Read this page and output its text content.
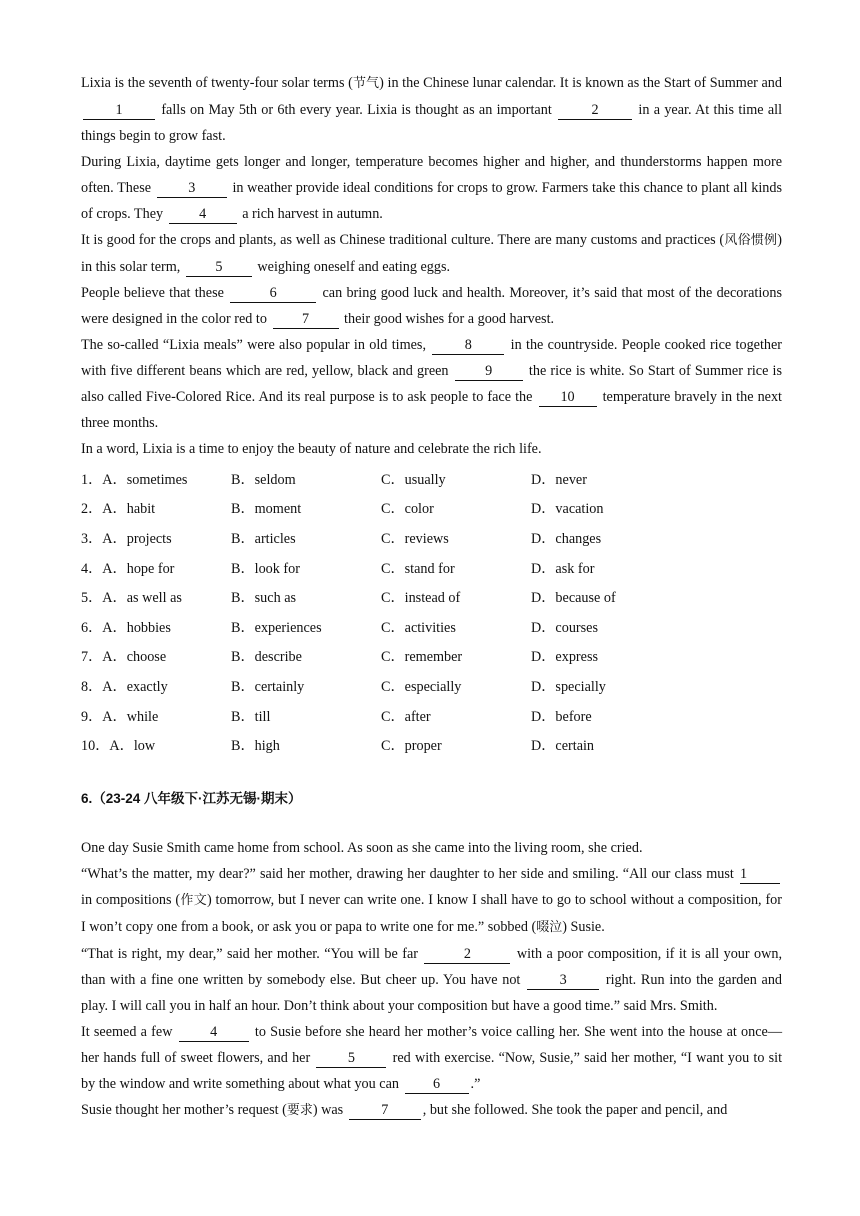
Lixia is the seventh of twenty-four solar terms (节气) in the Chinese lunar calendar. It is known as the Start of Summer and 1	falls on May 5th or 6th every year. Lixia is thought as an important	2	in a year. At this time all things begin to grow fast.

During Lixia, daytime gets longer and longer, temperature becomes higher and higher, and thunderstorms happen more often. These	3	in weather provide ideal conditions for crops to grow. Farmers take this chance to plant all kinds of crops. They	4	a rich harvest in autumn.

It is good for the crops and plants, as well as Chinese traditional culture. There are many customs and practices (风俗惯例) in this solar term, 5 weighing oneself and eating eggs.

People believe that these	6	can bring good luck and health. Moreover, it’s said that most of the decorations were designed in the color red to 7 their good wishes for a good harvest.

The so-called “Lixia meals” were also popular in old times,	8	in the countryside. People cooked rice together with five different beans which are red, yellow, black and green	9	the rice is white. So Start of Summer rice is also called Five-Colored Rice. And its real purpose is to ask people to face the 10 temperature bravely in the next three months.

In a word, Lixia is a time to enjoy the beauty of nature and celebrate the rich life.

1．A．sometimes	B．seldom	C．usually	D．never
2．A．habit	B．moment	C．color	D．vacation
3．A．projects	B．articles	C．reviews	D．changes
4．A．hope for	B．look for	C．stand for	D．ask for
5．A．as well as	B．such as	C．instead of	D．because of
6．A．hobbies	B．experiences	C．activities	D．courses
7．A．choose	B．describe	C．remember	D．express
8．A．exactly	B．certainly	C．especially	D．specially
9．A．while	B．till	C．after	D．before
10．A．low	B．high	C．proper	D．certain
6.（23-24 八年级下·江苏无锡·期末）

One day Susie Smith came home from school. As soon as she came into the living room, she cried.

“What’s the matter, my dear?” said her mother, drawing her daughter to her side and smiling. “All our class must 1 in compositions (作文) tomorrow, but I never can write one. I know I shall have to go to school without a composition, for I won’t copy one from a book, or ask you or papa to write one for me.” sobbed (啜泣) Susie.

“That is right, my dear,” said her mother. “You will be far	2	with a poor composition, if it is all your own, than with a fine one written by somebody else. But cheer up. You have not	3	right. Run into the garden and play. I will call you in half an hour. Don’t think about your composition but have a good time.” said Mrs. Smith.

It seemed a few	4	to Susie before she heard her mother’s voice calling her. She went into the house at once—her hands full of sweet flowers, and her	5	red with exercise. “Now, Susie,” said her mother, “I want you to sit by the window and write something about what you can 6 .”

Susie thought her mother’s request (要求) was	7 , but she followed. She took the paper and pencil, and
